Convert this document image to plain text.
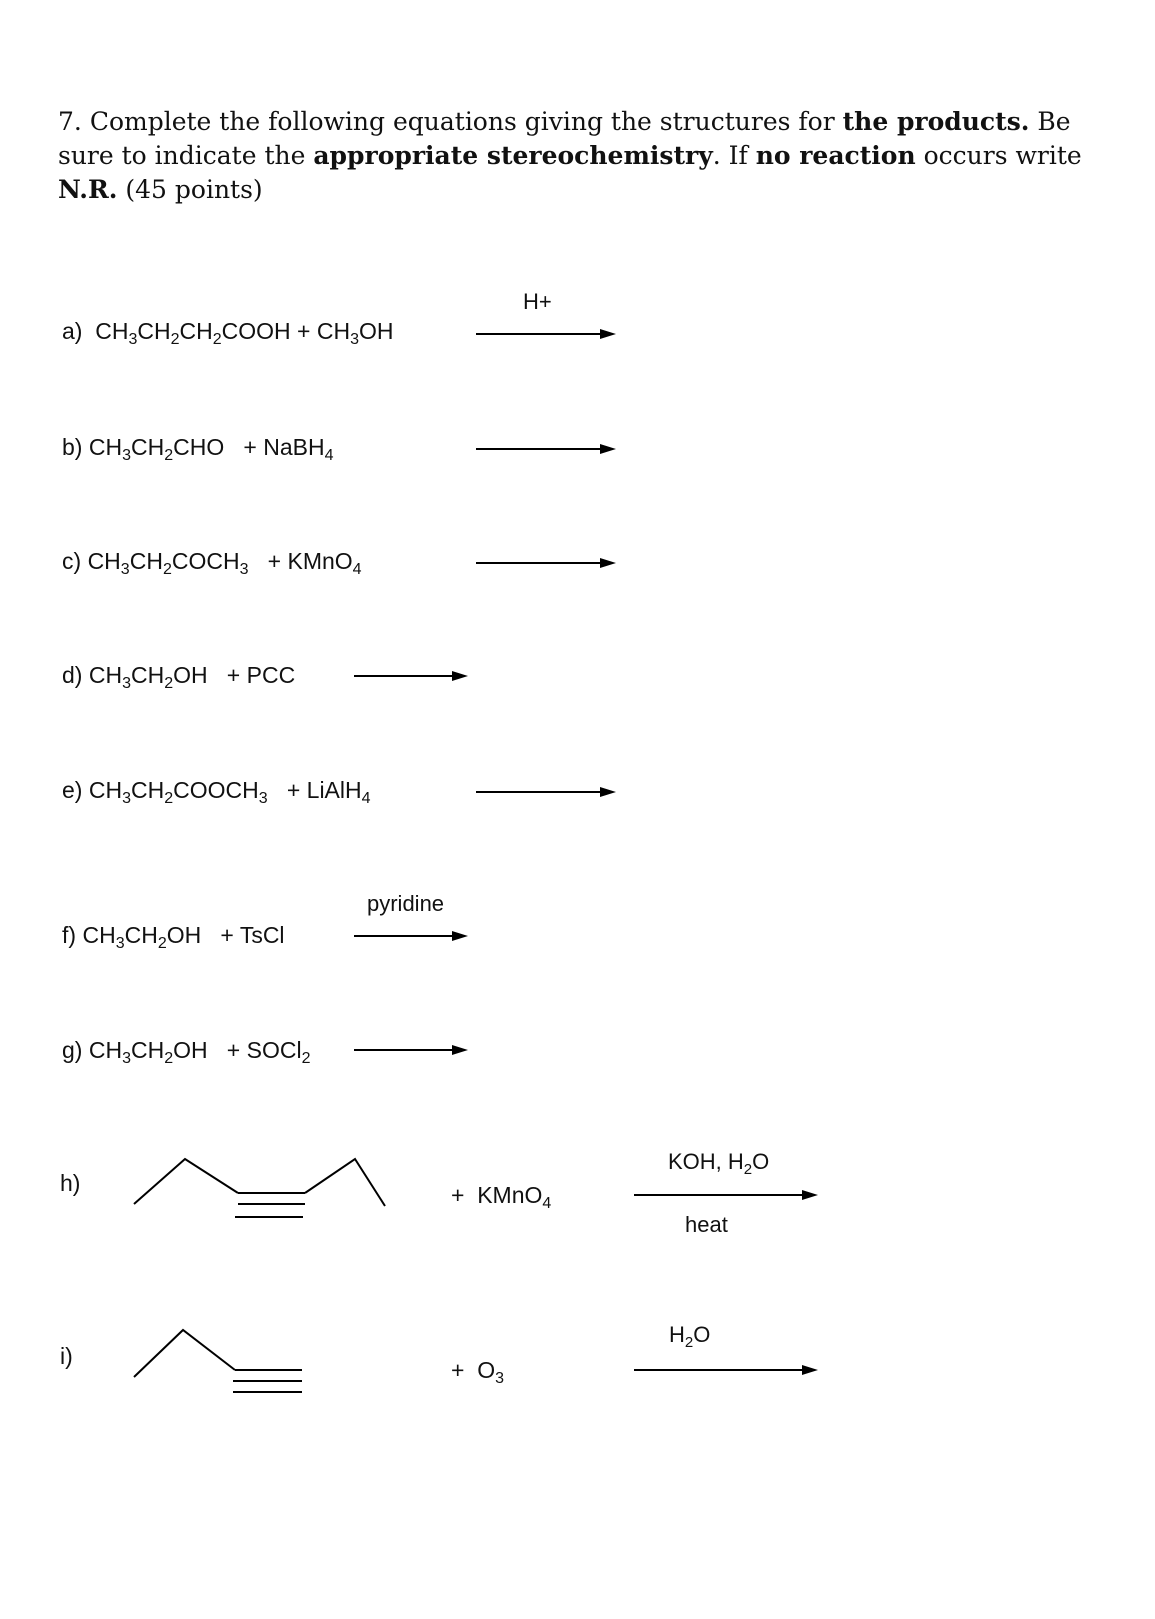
7. Complete the following equations giving the structures for the products. Be sure to indicate the appropriate stereochemistry. If no reaction occurs write N.R. (45 points)

a) $CH_3CH_2CH_2COOH + CH_3OH$
H+
b) $CH_3CH_2CHO$ + NaBH$_4$
c) $CH_3CH_2COCH_3$ + KMnO$_4$
d) $CH_3CH_2OH$ + PCC
e) $CH_3CH_2COOCH_3$ + LiAlH$_4$
f) $CH_3CH_2OH$ + TsCl
pyridine
g) $CH_3CH_2OH$ + SOCl$_2$
h)	+ KMnO$_4$
KOH, $H_2O$
heat
i)
+ $O_3$
$H_2O$
